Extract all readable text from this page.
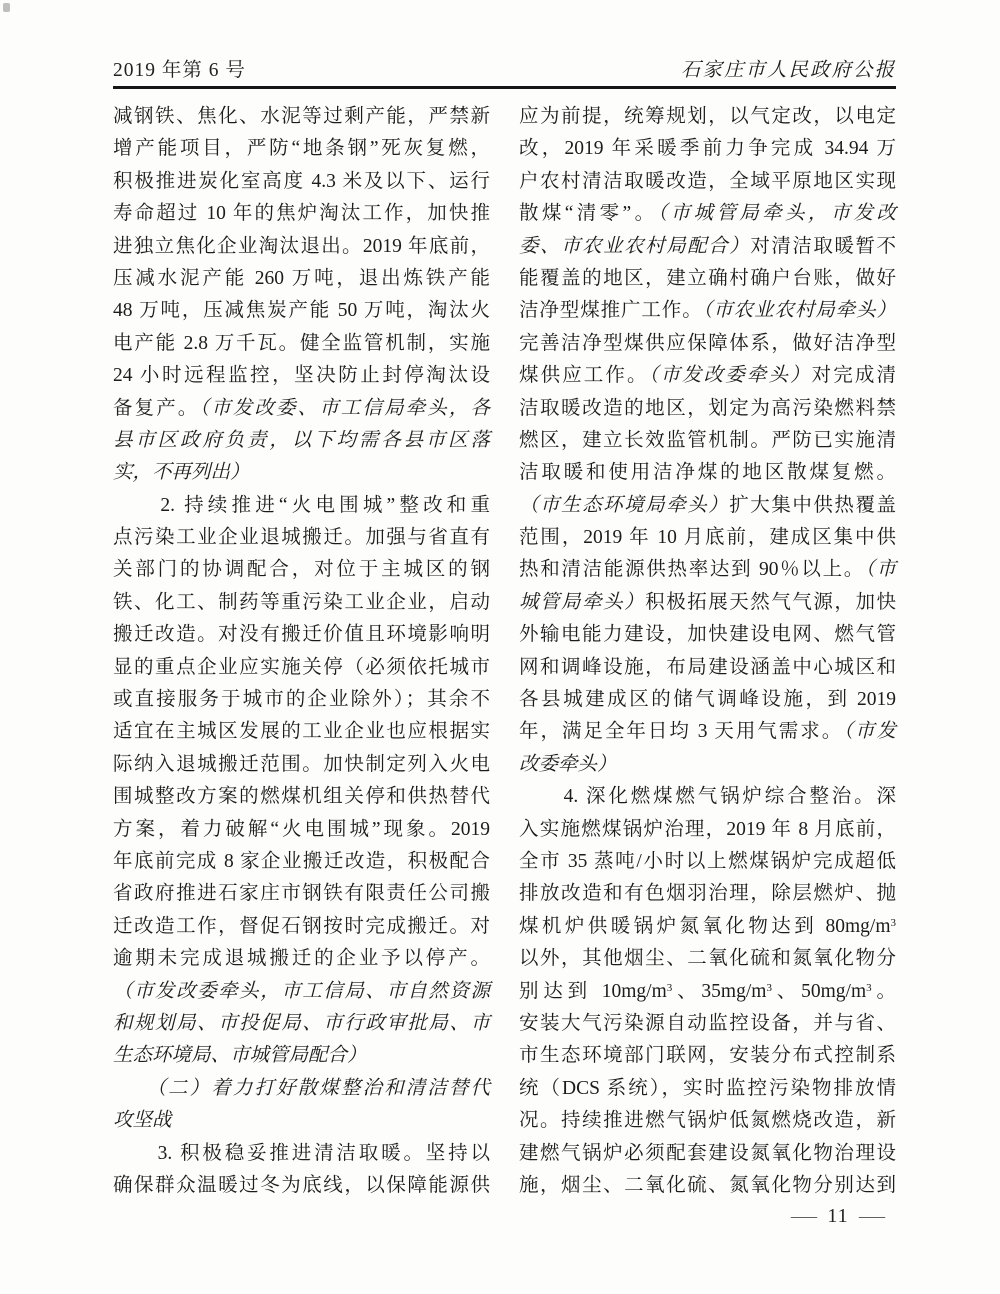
2019 年第 6 号	石家庄市人民政府公报
减钢铁、焦化、水泥等过剩产能，严禁新
增产能项目，严防“地条钢”死灰复燃，
积极推进炭化室高度 4.3 米及以下、运行
寿命超过 10 年的焦炉淘汰工作，加快推
进独立焦化企业淘汰退出。2019 年底前，
压减水泥产能 260 万吨，退出炼铁产能
48 万吨，压减焦炭产能 50 万吨，淘汰火
电产能 2.8 万千瓦。健全监管机制，实施
24 小时远程监控，坚决防止封停淘汰设
备复产。（市发改委、市工信局牵头，各
县市区政府负责，以下均需各县市区落
实，不再列出）
　　2. 持续推进“火电围城”整改和重
点污染工业企业退城搬迁。加强与省直有
关部门的协调配合，对位于主城区的钢
铁、化工、制药等重污染工业企业，启动
搬迁改造。对没有搬迁价值且环境影响明
显的重点企业应实施关停（必须依托城市
或直接服务于城市的企业除外）；其余不
适宜在主城区发展的工业企业也应根据实
际纳入退城搬迁范围。加快制定列入火电
围城整改方案的燃煤机组关停和供热替代
方案，着力破解“火电围城”现象。2019
年底前完成 8 家企业搬迁改造，积极配合
省政府推进石家庄市钢铁有限责任公司搬
迁改造工作，督促石钢按时完成搬迁。对
逾期未完成退城搬迁的企业予以停产。
（市发改委牵头，市工信局、市自然资源
和规划局、市投促局、市行政审批局、市
生态环境局、市城管局配合）
　　（二）着力打好散煤整治和清洁替代
攻坚战
　　3. 积极稳妥推进清洁取暖。坚持以
确保群众温暖过冬为底线，以保障能源供
应为前提，统筹规划，以气定改，以电定
改，2019 年采暖季前力争完成 34.94 万
户农村清洁取暖改造，全域平原地区实现
散煤“清零”。（市城管局牵头，市发改
委、市农业农村局配合）对清洁取暖暂不
能覆盖的地区，建立确村确户台账，做好
洁净型煤推广工作。（市农业农村局牵头）
完善洁净型煤供应保障体系，做好洁净型
煤供应工作。（市发改委牵头）对完成清
洁取暖改造的地区，划定为高污染燃料禁
燃区，建立长效监管机制。严防已实施清
洁取暖和使用洁净煤的地区散煤复燃。
（市生态环境局牵头）扩大集中供热覆盖
范围，2019 年 10 月底前，建成区集中供
热和清洁能源供热率达到 90％以上。（市
城管局牵头）积极拓展天然气气源，加快
外输电能力建设，加快建设电网、燃气管
网和调峰设施，布局建设涵盖中心城区和
各县城建成区的储气调峰设施，到 2019
年，满足全年日均 3 天用气需求。（市发
改委牵头）
　　4. 深化燃煤燃气锅炉综合整治。深
入实施燃煤锅炉治理，2019 年 8 月底前，
全市 35 蒸吨/小时以上燃煤锅炉完成超低
排放改造和有色烟羽治理，除层燃炉、抛
煤机炉供暖锅炉氮氧化物达到 $80mg/m^3$
以外，其他烟尘、二氧化硫和氮氧化物分
别达到 $10mg/m^3$、$35mg/m^3$、$50mg/m^3$。
安装大气污染源自动监控设备，并与省、
市生态环境部门联网，安装分布式控制系
统（DCS 系统），实时监控污染物排放情
况。持续推进燃气锅炉低氮燃烧改造，新
建燃气锅炉必须配套建设氮氧化物治理设
施，烟尘、二氧化硫、氮氧化物分别达到
— 11 —
